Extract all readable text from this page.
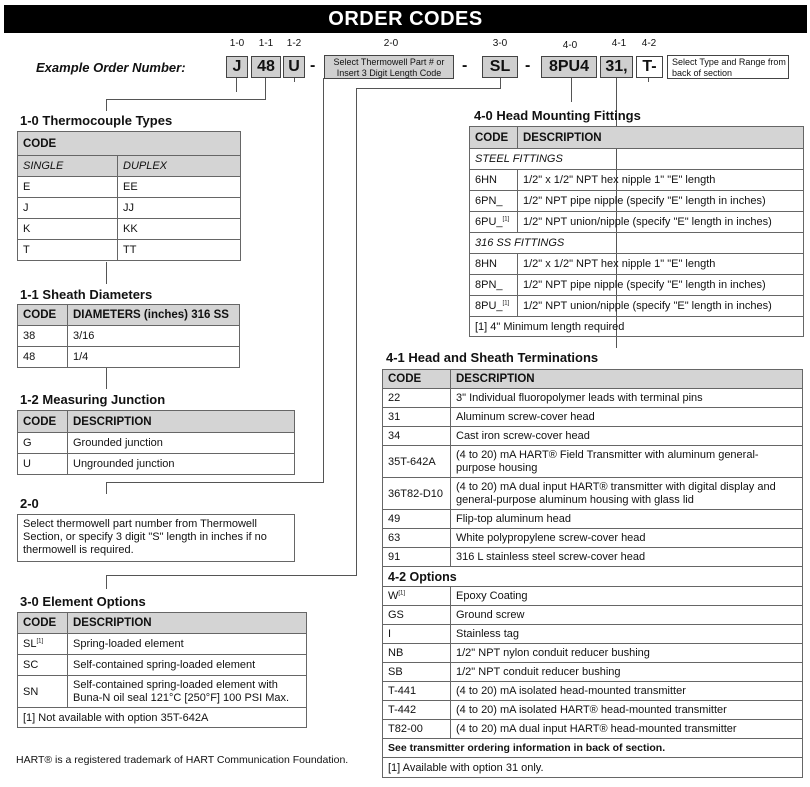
ORDER CODES
Example Order Number:
1-0	1-1	1-2	2-0	3-0	4-0	4-1	4-2
J 48 U -	Select Thermowell Part # or Insert 3 Digit Length Code	-	SL -	8PU4	31, T-	Select Type and Range from back of section
1-0 Thermocouple Types
CODE	
SINGLE	DUPLEX
E	EE
J	JJ
K	KK
T	TT
1-1 Sheath Diameters
CODE	DIAMETERS (inches) 316 SS
38	3/16
48	1/4
1-2 Measuring Junction
CODE	DESCRIPTION
G	Grounded junction
U	Ungrounded junction
2-0
Select thermowell part number from Thermowell Section, or specify 3 digit "S" length in inches if no thermowell is required.
3-0 Element Options
CODE	DESCRIPTION
SL[1]	Spring-loaded element
SC	Self-contained spring-loaded element
SN	Self-contained spring-loaded element with Buna-N oil seal 121°C [250°F] 100 PSI Max.
[1] Not available with option 35T-642A	
HART® is a registered trademark of HART Communication Foundation.
4-0 Head Mounting Fittings
CODE	DESCRIPTION
STEEL FITTINGS	
6HN	1/2" x 1/2" NPT hex nipple 1" "E" length
6PN_	1/2" NPT pipe nipple (specify "E" length in inches)
6PU_[1]	1/2" NPT union/nipple (specify "E" length in inches)
316 SS FITTINGS	
8HN	1/2" x 1/2" NPT hex nipple 1" "E" length
8PN_	1/2" NPT pipe nipple (specify "E" length in inches)
8PU_[1]	1/2" NPT union/nipple (specify "E" length in inches)
[1] 4" Minimum length required	
4-1 Head and Sheath Terminations
CODE	DESCRIPTION
22	3" Individual fluoropolymer leads with terminal pins
31	Aluminum screw-cover head
34	Cast iron screw-cover head
35T-642A	(4 to 20) mA HART® Field Transmitter with aluminum general-purpose housing
36T82-D10	(4 to 20) mA dual input HART® transmitter with digital display and general-purpose aluminum housing with glass lid
49	Flip-top aluminum head
63	White polypropylene screw-cover head
91	316 L stainless steel screw-cover head
4-2 Options	
W[1]	Epoxy Coating
GS	Ground screw
I	Stainless tag
NB	1/2" NPT nylon conduit reducer bushing
SB	1/2" NPT conduit reducer bushing
T-441	(4 to 20) mA isolated head-mounted transmitter
T-442	(4 to 20) mA isolated HART® head-mounted transmitter
T82-00	(4 to 20) mA dual input HART® head-mounted transmitter
See transmitter ordering information in back of section.	
[1] Available with option 31 only.	
